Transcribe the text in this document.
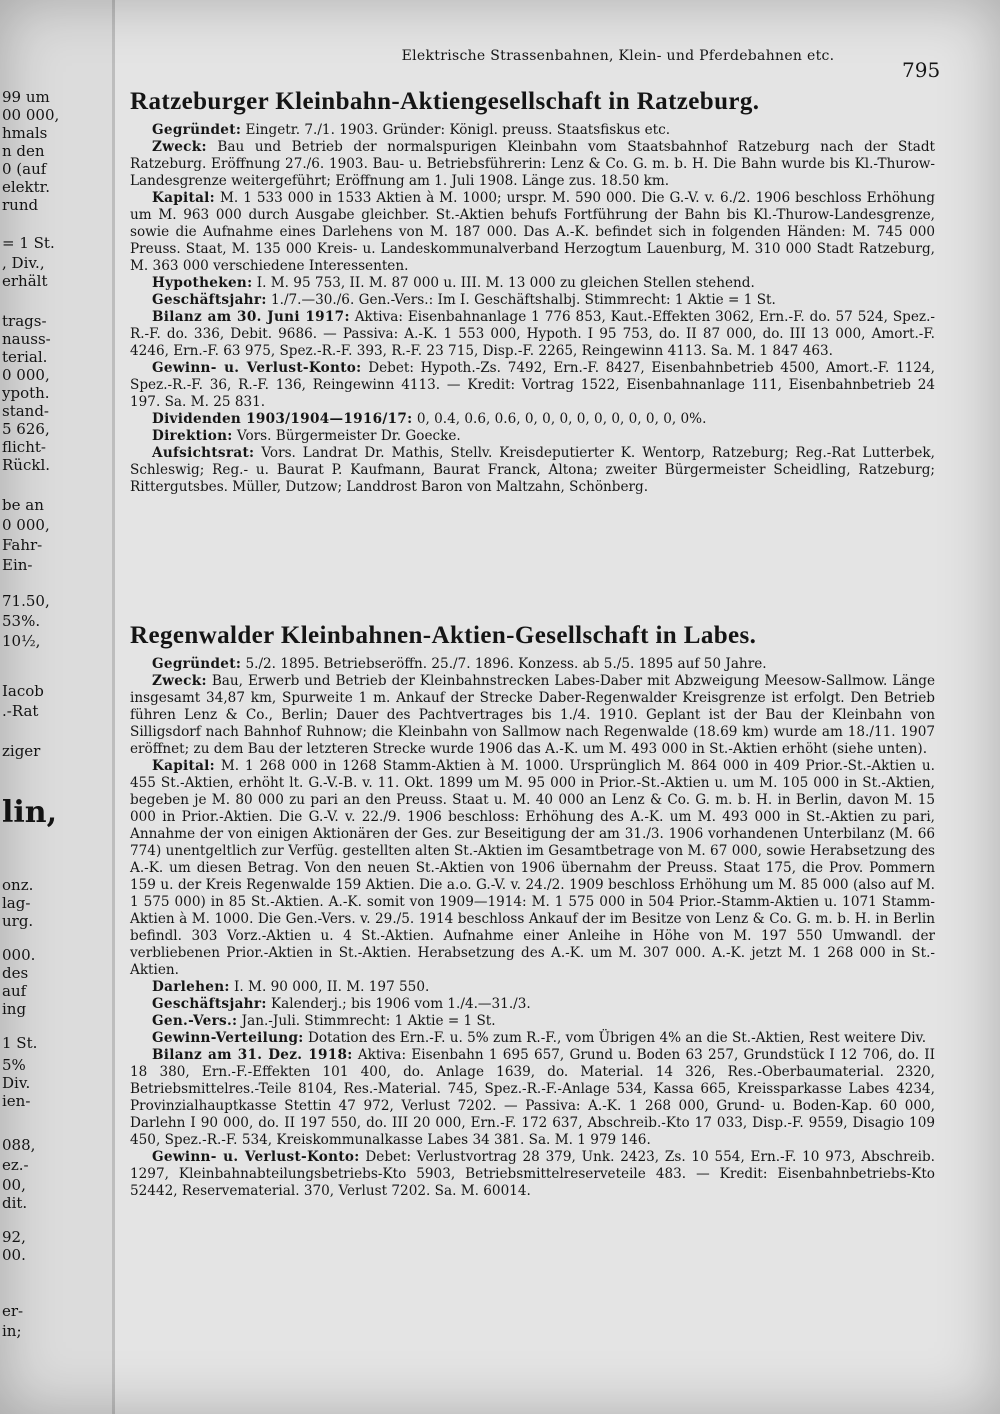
99 um
00 000,
hmals
n den
0 (auf
elektr.
rund
= 1 St.
, Div.,
erhält
trags-
nauss-
terial.
0 000,
ypoth.
stand-
5 626,
flicht-
Rückl.
be an
0 000,
Fahr-
Ein-
71.50,
53%.
10½,
Iacob
.-Rat
ziger
lin,
onz.
lag-
urg.
000.
des
auf
ing
1 St.
5%
Div.
ien-
088,
ez.-
00,
dit.
92,
00.
er-
in;
Elektrische Strassenbahnen, Klein- und Pferdebahnen etc.
795
Ratzeburger Kleinbahn-Aktiengesellschaft in Ratzeburg.

Gegründet: Eingetr. 7./1. 1903. Gründer: Königl. preuss. Staatsfiskus etc.

Zweck: Bau und Betrieb der normalspurigen Kleinbahn vom Staatsbahnhof Ratzeburg nach der Stadt Ratzeburg. Eröffnung 27./6. 1903. Bau- u. Betriebsführerin: Lenz & Co. G. m. b. H. Die Bahn wurde bis Kl.-Thurow-Landesgrenze weitergeführt; Eröffnung am 1. Juli 1908. Länge zus. 18.50 km.

Kapital: M. 1 533 000 in 1533 Aktien à M. 1000; urspr. M. 590 000. Die G.-V. v. 6./2. 1906 beschloss Erhöhung um M. 963 000 durch Ausgabe gleichber. St.-Aktien behufs Fortführung der Bahn bis Kl.-Thurow-Landesgrenze, sowie die Aufnahme eines Darlehens von M. 187 000. Das A.-K. befindet sich in folgenden Händen: M. 745 000 Preuss. Staat, M. 135 000 Kreis- u. Landeskommunalverband Herzogtum Lauenburg, M. 310 000 Stadt Ratzeburg, M. 363 000 verschiedene Interessenten.

Hypotheken: I. M. 95 753, II. M. 87 000 u. III. M. 13 000 zu gleichen Stellen stehend.

Geschäftsjahr: 1./7.—30./6. Gen.-Vers.: Im I. Geschäftshalbj. Stimmrecht: 1 Aktie = 1 St.

Bilanz am 30. Juni 1917: Aktiva: Eisenbahnanlage 1 776 853, Kaut.-Effekten 3062, Ern.-F. do. 57 524, Spez.-R.-F. do. 336, Debit. 9686. — Passiva: A.-K. 1 553 000, Hypoth. I 95 753, do. II 87 000, do. III 13 000, Amort.-F. 4246, Ern.-F. 63 975, Spez.-R.-F. 393, R.-F. 23 715, Disp.-F. 2265, Reingewinn 4113. Sa. M. 1 847 463.

Gewinn- u. Verlust-Konto: Debet: Hypoth.-Zs. 7492, Ern.-F. 8427, Eisenbahnbetrieb 4500, Amort.-F. 1124, Spez.-R.-F. 36, R.-F. 136, Reingewinn 4113. — Kredit: Vortrag 1522, Eisenbahnanlage 111, Eisenbahnbetrieb 24 197. Sa. M. 25 831.

Dividenden 1903/1904—1916/17: 0, 0.4, 0.6, 0.6, 0, 0, 0, 0, 0, 0, 0, 0, 0, 0%.

Direktion: Vors. Bürgermeister Dr. Goecke.

Aufsichtsrat: Vors. Landrat Dr. Mathis, Stellv. Kreisdeputierter K. Wentorp, Ratzeburg; Reg.-Rat Lutterbek, Schleswig; Reg.- u. Baurat P. Kaufmann, Baurat Franck, Altona; zweiter Bürgermeister Scheidling, Ratzeburg; Rittergutsbes. Müller, Dutzow; Landdrost Baron von Maltzahn, Schönberg.

Regenwalder Kleinbahnen-Aktien-Gesellschaft in Labes.

Gegründet: 5./2. 1895. Betriebseröffn. 25./7. 1896. Konzess. ab 5./5. 1895 auf 50 Jahre.

Zweck: Bau, Erwerb und Betrieb der Kleinbahnstrecken Labes-Daber mit Abzweigung Meesow-Sallmow. Länge insgesamt 34,87 km, Spurweite 1 m. Ankauf der Strecke Daber-Regenwalder Kreisgrenze ist erfolgt. Den Betrieb führen Lenz & Co., Berlin; Dauer des Pachtvertrages bis 1./4. 1910. Geplant ist der Bau der Kleinbahn von Silligsdorf nach Bahnhof Ruhnow; die Kleinbahn von Sallmow nach Regenwalde (18.69 km) wurde am 18./11. 1907 eröffnet; zu dem Bau der letzteren Strecke wurde 1906 das A.-K. um M. 493 000 in St.-Aktien erhöht (siehe unten).

Kapital: M. 1 268 000 in 1268 Stamm-Aktien à M. 1000. Ursprünglich M. 864 000 in 409 Prior.-St.-Aktien u. 455 St.-Aktien, erhöht lt. G.-V.-B. v. 11. Okt. 1899 um M. 95 000 in Prior.-St.-Aktien u. um M. 105 000 in St.-Aktien, begeben je M. 80 000 zu pari an den Preuss. Staat u. M. 40 000 an Lenz & Co. G. m. b. H. in Berlin, davon M. 15 000 in Prior.-Aktien. Die G.-V. v. 22./9. 1906 beschloss: Erhöhung des A.-K. um M. 493 000 in St.-Aktien zu pari, Annahme der von einigen Aktionären der Ges. zur Beseitigung der am 31./3. 1906 vorhandenen Unterbilanz (M. 66 774) unentgeltlich zur Verfüg. gestellten alten St.-Aktien im Gesamtbetrage von M. 67 000, sowie Herabsetzung des A.-K. um diesen Betrag. Von den neuen St.-Aktien von 1906 übernahm der Preuss. Staat 175, die Prov. Pommern 159 u. der Kreis Regenwalde 159 Aktien. Die a.o. G.-V. v. 24./2. 1909 beschloss Erhöhung um M. 85 000 (also auf M. 1 575 000) in 85 St.-Aktien. A.-K. somit von 1909—1914: M. 1 575 000 in 504 Prior.-Stamm-Aktien u. 1071 Stamm-Aktien à M. 1000. Die Gen.-Vers. v. 29./5. 1914 beschloss Ankauf der im Besitze von Lenz & Co. G. m. b. H. in Berlin befindl. 303 Vorz.-Aktien u. 4 St.-Aktien. Aufnahme einer Anleihe in Höhe von M. 197 550 Umwandl. der verbliebenen Prior.-Aktien in St.-Aktien. Herabsetzung des A.-K. um M. 307 000. A.-K. jetzt M. 1 268 000 in St.-Aktien.

Darlehen: I. M. 90 000, II. M. 197 550.

Geschäftsjahr: Kalenderj.; bis 1906 vom 1./4.—31./3.

Gen.-Vers.: Jan.-Juli. Stimmrecht: 1 Aktie = 1 St.

Gewinn-Verteilung: Dotation des Ern.-F. u. 5% zum R.-F., vom Übrigen 4% an die St.-Aktien, Rest weitere Div.

Bilanz am 31. Dez. 1918: Aktiva: Eisenbahn 1 695 657, Grund u. Boden 63 257, Grundstück I 12 706, do. II 18 380, Ern.-F.-Effekten 101 400, do. Anlage 1639, do. Material. 14 326, Res.-Oberbaumaterial. 2320, Betriebsmittelres.-Teile 8104, Res.-Material. 745, Spez.-R.-F.-Anlage 534, Kassa 665, Kreissparkasse Labes 4234, Provinzialhauptkasse Stettin 47 972, Verlust 7202. — Passiva: A.-K. 1 268 000, Grund- u. Boden-Kap. 60 000, Darlehn I 90 000, do. II 197 550, do. III 20 000, Ern.-F. 172 637, Abschreib.-Kto 17 033, Disp.-F. 9559, Disagio 109 450, Spez.-R.-F. 534, Kreiskommunalkasse Labes 34 381. Sa. M. 1 979 146.

Gewinn- u. Verlust-Konto: Debet: Verlustvortrag 28 379, Unk. 2423, Zs. 10 554, Ern.-F. 10 973, Abschreib. 1297, Kleinbahnabteilungsbetriebs-Kto 5903, Betriebsmittelreserveteile 483. — Kredit: Eisenbahnbetriebs-Kto 52442, Reservematerial. 370, Verlust 7202. Sa. M. 60014.
